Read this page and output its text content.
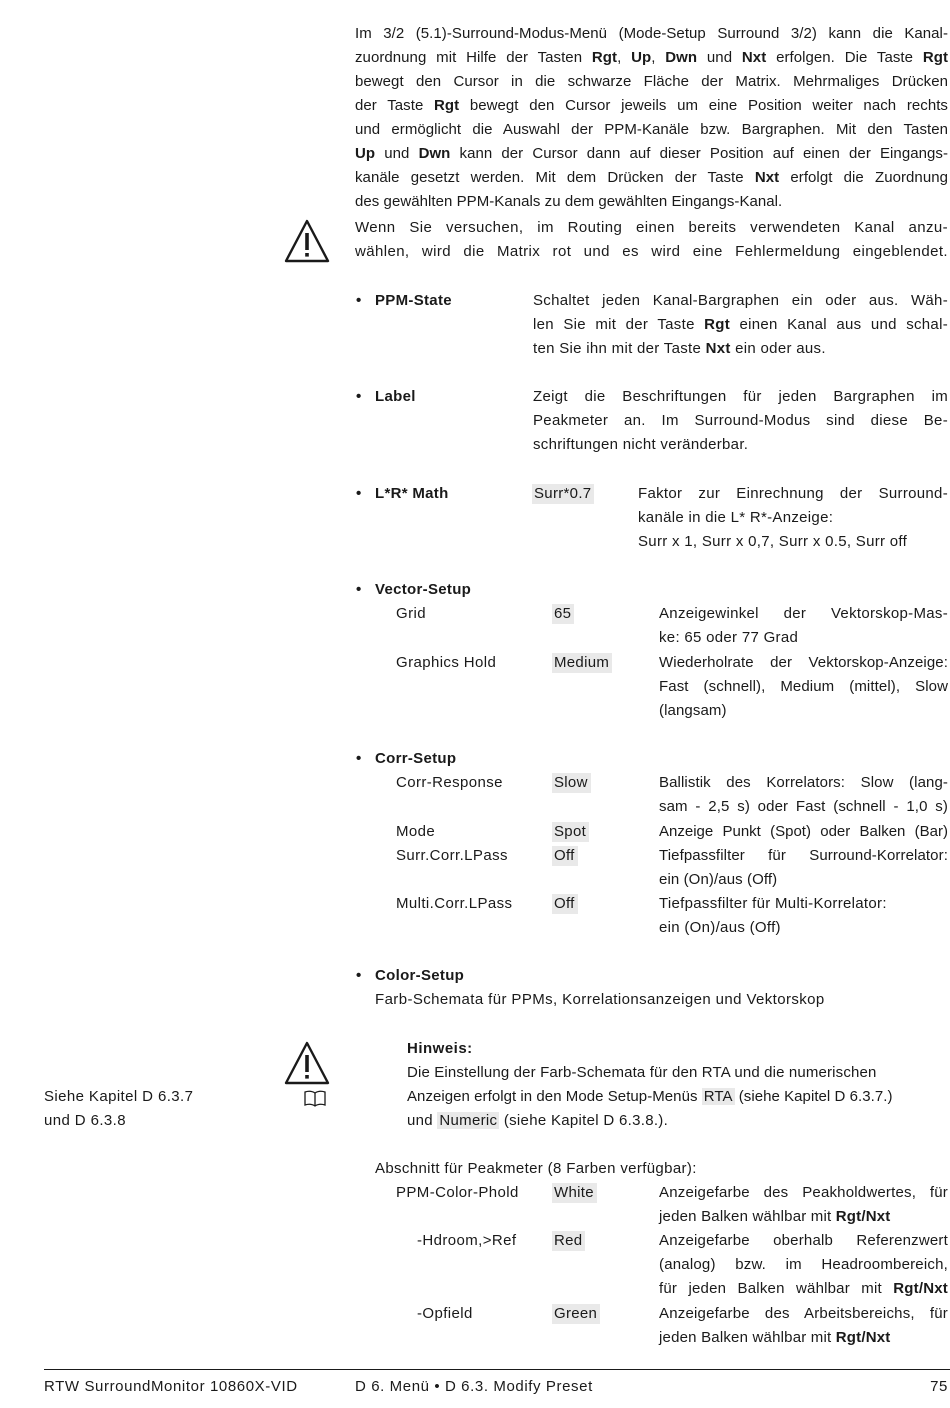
Im 3/2 (5.1)-Surround-Modus-Menü (Mode-Setup Surround 3/2) kann die Kanal-
zuordnung mit Hilfe der Tasten Rgt, Up, Dwn und Nxt erfolgen. Die Taste Rgt
bewegt den Cursor in die schwarze Fläche der Matrix. Mehrmaliges Drücken
der Taste Rgt bewegt den Cursor jeweils um eine Position weiter nach rechts
und ermöglicht die Auswahl der PPM-Kanäle bzw. Bargraphen. Mit den Tasten
Up und Dwn kann der Cursor dann auf dieser Position auf einen der Eingangs-
kanäle gesetzt werden. Mit dem Drücken der Taste Nxt erfolgt die Zuordnung
des gewählten PPM-Kanals zu dem gewählten Eingangs-Kanal.
Wenn Sie versuchen, im Routing einen bereits verwendeten Kanal anzu-
wählen, wird die Matrix rot und es wird eine Fehlermeldung eingeblendet.
• PPM-State	Schaltet jeden Kanal-Bargraphen ein oder aus. Wäh-
len Sie mit der Taste Rgt einen Kanal aus und schal-
ten Sie ihn mit der Taste Nxt ein oder aus.
• Label	Zeigt die Beschriftungen für jeden Bargraphen im
Peakmeter an. Im Surround-Modus sind diese Be-
schriftungen nicht veränderbar.
• L*R* Math	Surr*0.7	Faktor zur Einrechnung der Surround-
kanäle in die L* R*-Anzeige:
Surr x 1, Surr x 0,7, Surr x 0.5, Surr off
• Vector-Setup
Grid	65	Anzeigewinkel der Vektorskop-Mas-
ke: 65 oder 77 Grad
Graphics Hold	Medium	Wiederholrate der Vektorskop-Anzeige:
Fast (schnell), Medium (mittel), Slow
(langsam)
• Corr-Setup
Corr-Response	Slow	Ballistik des Korrelators: Slow (lang-
sam - 2,5 s) oder Fast (schnell - 1,0 s)
Mode	Spot	Anzeige Punkt (Spot) oder Balken (Bar)
Surr.Corr.LPass	Off	Tiefpassfilter für Surround-Korrelator:
ein (On)/aus (Off)
Multi.Corr.LPass	Off	Tiefpassfilter für Multi-Korrelator:
ein (On)/aus (Off)
• Color-Setup
Farb-Schemata für PPMs, Korrelationsanzeigen und Vektorskop
Siehe Kapitel D 6.3.7
und D 6.3.8
Hinweis:
Die Einstellung der Farb-Schemata für den RTA und die numerischen
Anzeigen erfolgt in den Mode Setup-Menüs RTA (siehe Kapitel D 6.3.7.)
und Numeric (siehe Kapitel D 6.3.8.).
Abschnitt für Peakmeter (8 Farben verfügbar):
PPM-Color-Phold White	Anzeigefarbe des Peakholdwertes, für
jeden Balken wählbar mit Rgt/Nxt
-Hdroom,>Ref	Red	Anzeigefarbe oberhalb Referenzwert
(analog) bzw. im Headroombereich,
für jeden Balken wählbar mit Rgt/Nxt
-Opfield	Green	Anzeigefarbe des Arbeitsbereichs, für
jeden Balken wählbar mit Rgt/Nxt
RTW SurroundMonitor 10860X-VID	D 6. Menü • D 6.3. Modify Preset	75
